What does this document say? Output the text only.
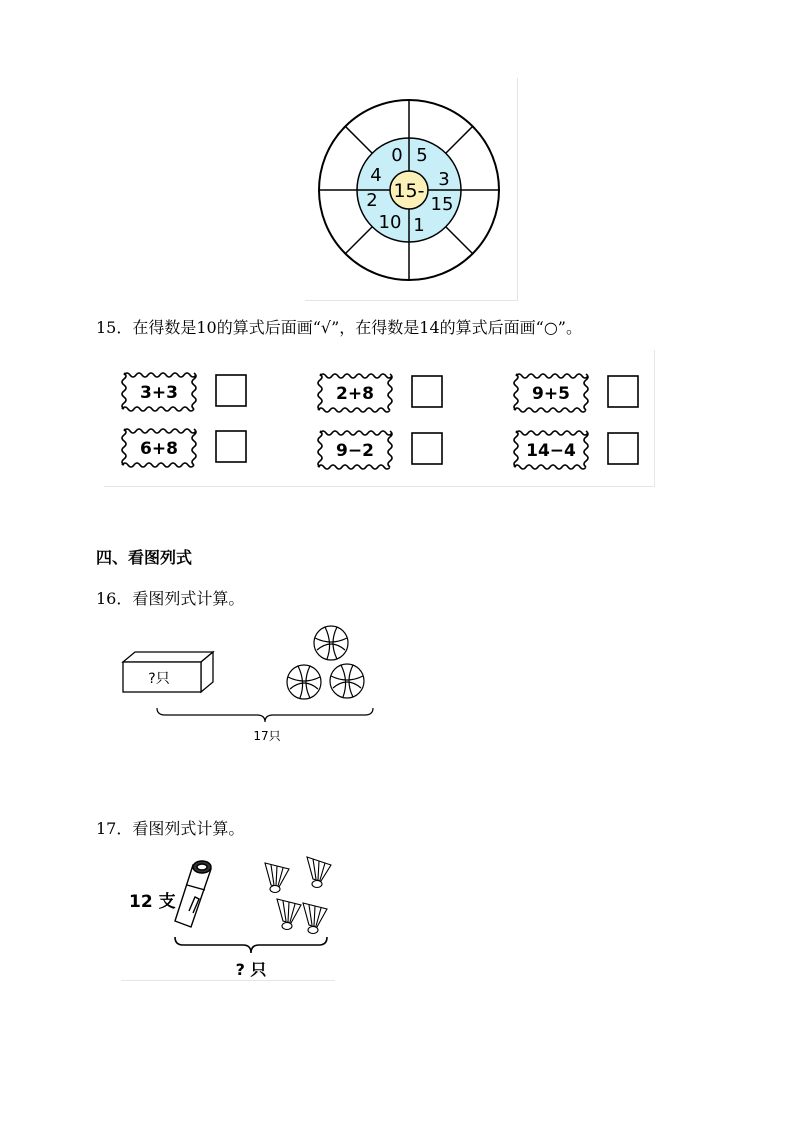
15-
0 5
3
15
1
10
2
4
15．在得数是10的算式后面画“√”，在得数是14的算式后面画“○”。
3+3	2+8	9+5
6+8	9−2	14−4
四、看图列式
16．看图列式计算。
?只
17只
17．看图列式计算。
12 支
? 只
